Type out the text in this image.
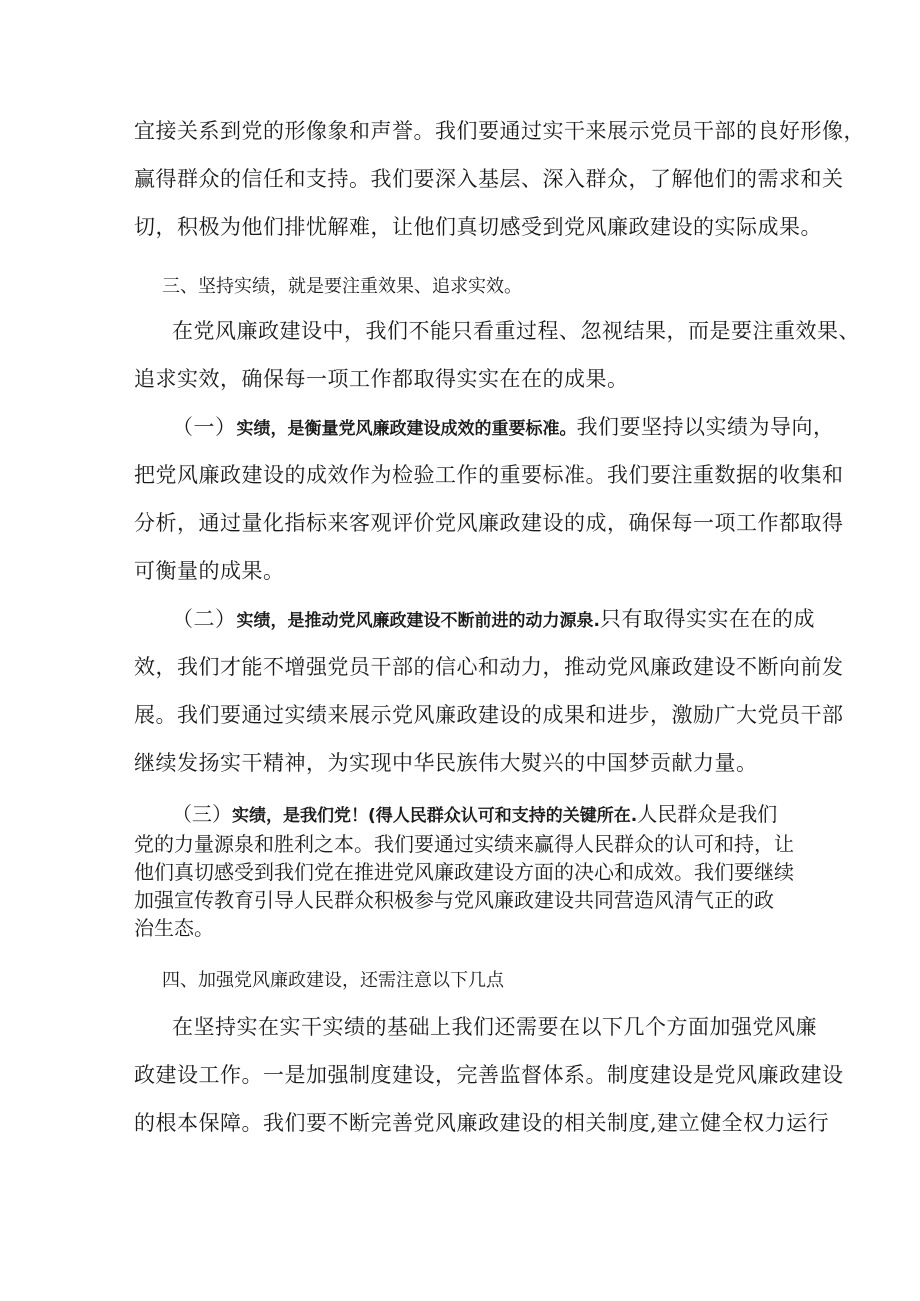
宜接关系到党的形像象和声誉。我们要通过实干来展示党员干部的良好形像，
赢得群众的信任和支持。我们要深入基层、深入群众，了解他们的需求和关
切，积极为他们排忧解难，让他们真切感受到党风廉政建设的实际成果。
三、坚持实绩，就是要注重效果、追求实效。
在党风廉政建设中，我们不能只看重过程、忽视结果，而是要注重效果、
追求实效，确保每一项工作都取得实实在在的成果。
（一）实绩，是衡量党风廉政建设成效的重要标准。我们要坚持以实绩为导向，
把党风廉政建设的成效作为检验工作的重要标准。我们要注重数据的收集和
分析，通过量化指标来客观评价党风廉政建设的成，确保每一项工作都取得
可衡量的成果。
（二）实绩，是推动党风廉政建设不断前进的动力源泉.只有取得实实在在的成
效，我们才能不增强党员干部的信心和动力，推动党风廉政建设不断向前发
展。我们要通过实绩来展示党风廉政建设的成果和进步，激励广大党员干部
继续发扬实干精神，为实现中华民族伟大熨兴的中国梦贡献力量。
（三）实绩，是我们党！(得人民群众认可和支持的关键所在.人民群众是我们
党的力量源泉和胜利之本。我们要通过实绩来赢得人民群众的认可和持，让
他们真切感受到我们党在推进党风廉政建设方面的决心和成效。我们要继续
加强宣传教育引导人民群众积极参与党风廉政建设共同营造风清气正的政
治生态。
四、加强党风廉政建设，还需注意以下几点
在坚持实在实干实绩的基础上我们还需要在以下几个方面加强党风廉
政建设工作。一是加强制度建设，完善监督体系。制度建设是党风廉政建设
的根本保障。我们要不断完善党风廉政建设的相关制度,建立健全权力运行
